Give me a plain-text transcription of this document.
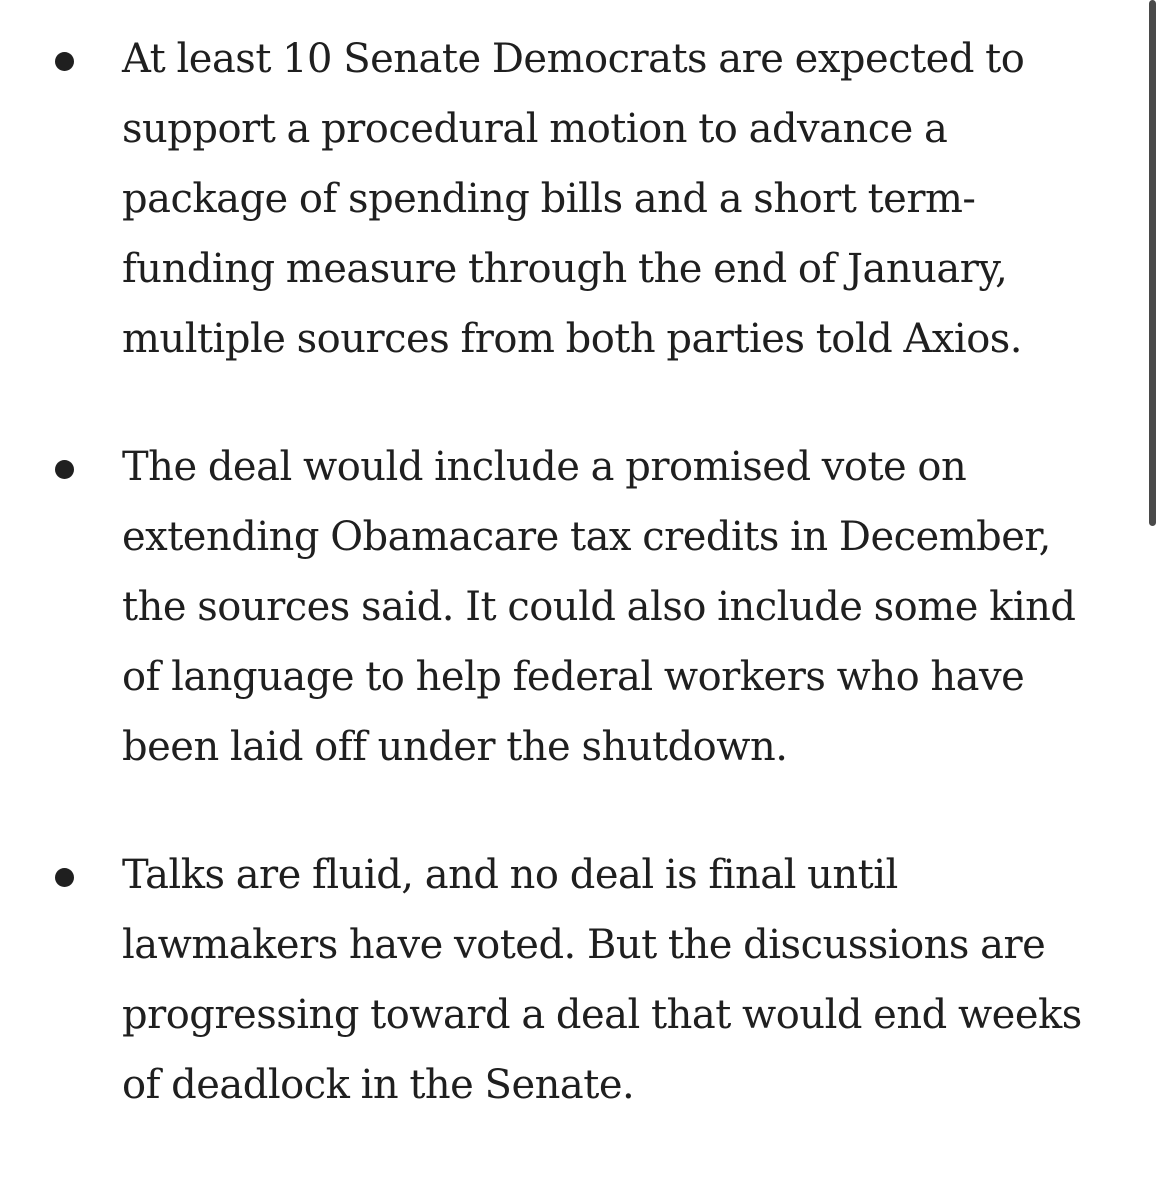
At least 10 Senate Democrats are expected to support a procedural motion to advance a package of spending bills and a short term-funding measure through the end of January, multiple sources from both parties told Axios.
The deal would include a promised vote on extending Obamacare tax credits in December, the sources said. It could also include some kind of language to help federal workers who have been laid off under the shutdown.
Talks are fluid, and no deal is final until lawmakers have voted. But the discussions are progressing toward a deal that would end weeks of deadlock in the Senate.
